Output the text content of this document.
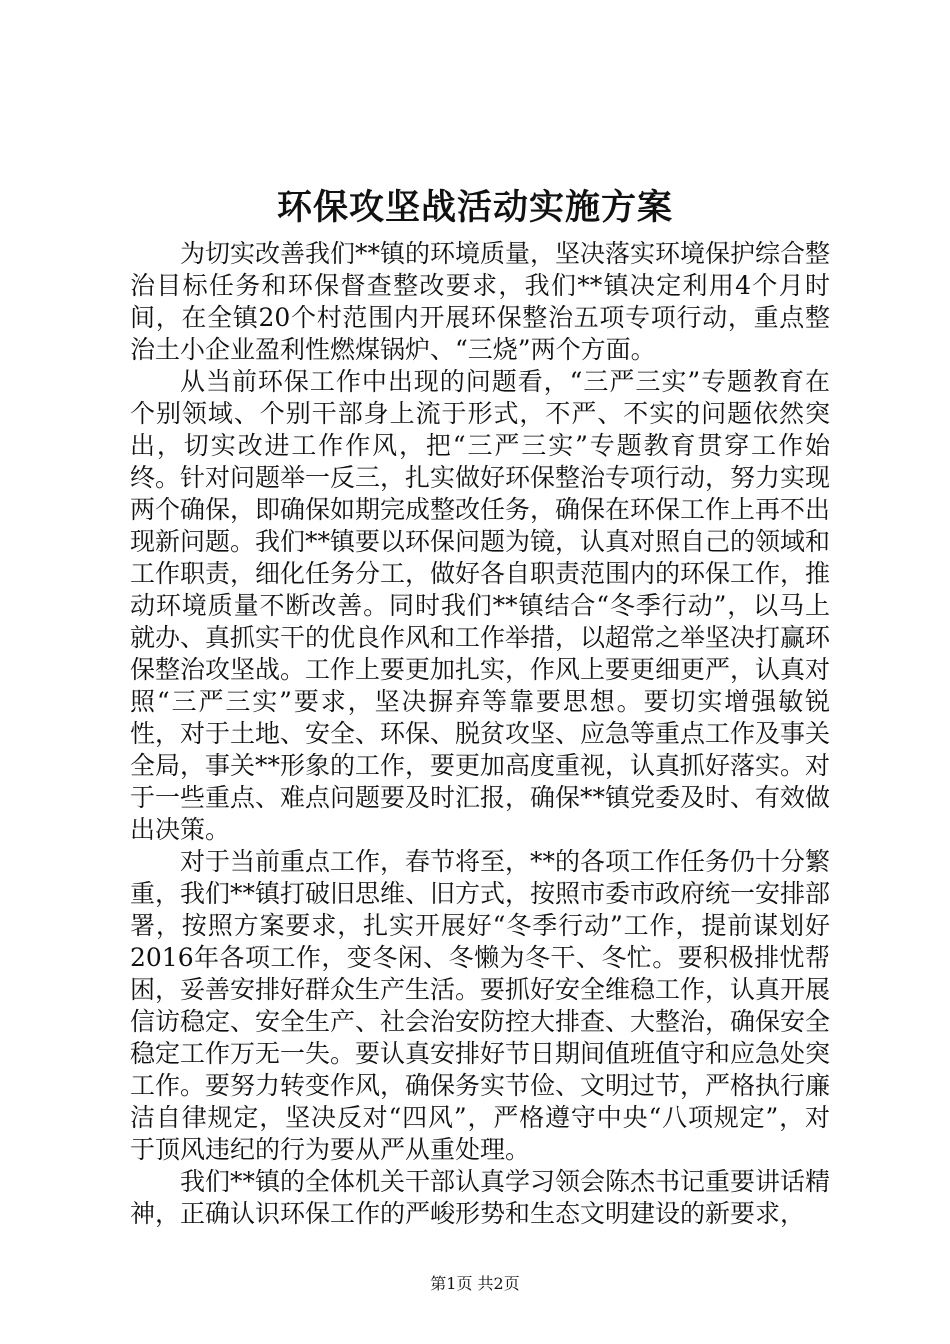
环保攻坚战活动实施方案

为切实改善我们**镇的环境质量，坚决落实环境保护综合整治目标任务和环保督查整改要求，我们**镇决定利用4个月时间，在全镇20个村范围内开展环保整治五项专项行动，重点整治土小企业盈利性燃煤锅炉、“三烧”两个方面。

从当前环保工作中出现的问题看，“三严三实”专题教育在个别领域、个别干部身上流于形式，不严、不实的问题依然突出，切实改进工作作风，把“三严三实”专题教育贯穿工作始终。针对问题举一反三，扎实做好环保整治专项行动，努力实现两个确保，即确保如期完成整改任务，确保在环保工作上再不出现新问题。我们**镇要以环保问题为镜，认真对照自己的领域和工作职责，细化任务分工，做好各自职责范围内的环保工作，推动环境质量不断改善。同时我们**镇结合“冬季行动”，以马上就办、真抓实干的优良作风和工作举措，以超常之举坚决打赢环保整治攻坚战。工作上要更加扎实，作风上要更细更严，认真对照“三严三实”要求，坚决摒弃等靠要思想。要切实增强敏锐性，对于土地、安全、环保、脱贫攻坚、应急等重点工作及事关全局，事关**形象的工作，要更加高度重视，认真抓好落实。对于一些重点、难点问题要及时汇报，确保**镇党委及时、有效做出决策。

对于当前重点工作，春节将至，**的各项工作任务仍十分繁重，我们**镇打破旧思维、旧方式，按照市委市政府统一安排部署，按照方案要求，扎实开展好“冬季行动”工作，提前谋划好2016年各项工作，变冬闲、冬懒为冬干、冬忙。要积极排忧帮困，妥善安排好群众生产生活。要抓好安全维稳工作，认真开展信访稳定、安全生产、社会治安防控大排查、大整治，确保安全稳定工作万无一失。要认真安排好节日期间值班值守和应急处突工作。要努力转变作风，确保务实节俭、文明过节，严格执行廉洁自律规定，坚决反对“四风”，严格遵守中央“八项规定”，对于顶风违纪的行为要从严从重处理。

我们**镇的全体机关干部认真学习领会陈杰书记重要讲话精神，正确认识环保工作的严峻形势和生态文明建设的新要求，

第1页 共2页
